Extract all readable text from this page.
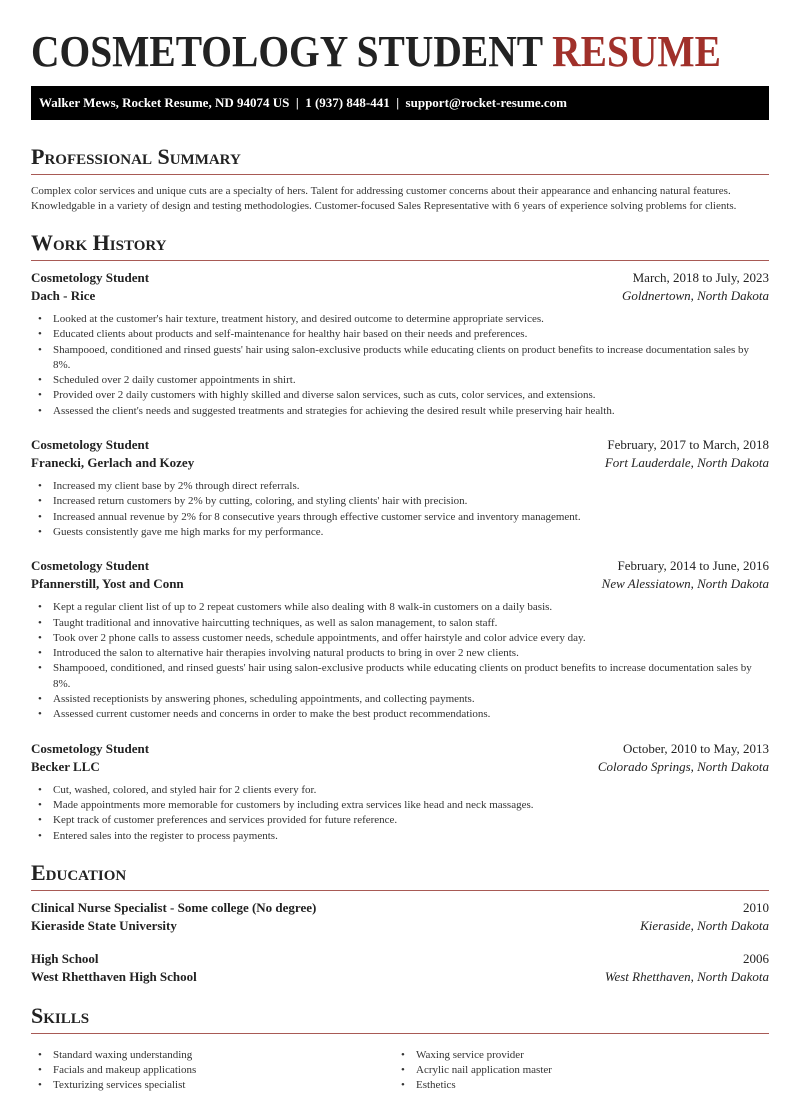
COSMETOLOGY STUDENT RESUME
Walker Mews, Rocket Resume, ND 94074 US  |  1 (937) 848-441  |  support@rocket-resume.com
Professional Summary

Complex color services and unique cuts are a specialty of hers. Talent for addressing customer concerns about their appearance and enhancing natural features. Knowledgable in a variety of design and testing methodologies. Customer-focused Sales Representative with 6 years of experience solving problems for clients.

Work History
Cosmetology Student	March, 2018 to July, 2023
Dach - Rice	Goldnertown, North Dakota
• Looked at the customer's hair texture, treatment history, and desired outcome to determine appropriate services.
• Educated clients about products and self-maintenance for healthy hair based on their needs and preferences.
• Shampooed, conditioned and rinsed guests' hair using salon-exclusive products while educating clients on product benefits to increase documentation sales by 8%.
• Scheduled over 2 daily customer appointments in shirt.
• Provided over 2 daily customers with highly skilled and diverse salon services, such as cuts, color services, and extensions.
• Assessed the client's needs and suggested treatments and strategies for achieving the desired result while preserving hair health.
Cosmetology Student	February, 2017 to March, 2018
Franecki, Gerlach and Kozey	Fort Lauderdale, North Dakota
• Increased my client base by 2% through direct referrals.
• Increased return customers by 2% by cutting, coloring, and styling clients' hair with precision.
• Increased annual revenue by 2% for 8 consecutive years through effective customer service and inventory management.
• Guests consistently gave me high marks for my performance.
Cosmetology Student	February, 2014 to June, 2016
Pfannerstill, Yost and Conn	New Alessiatown, North Dakota
• Kept a regular client list of up to 2 repeat customers while also dealing with 8 walk-in customers on a daily basis.
• Taught traditional and innovative haircutting techniques, as well as salon management, to salon staff.
• Took over 2 phone calls to assess customer needs, schedule appointments, and offer hairstyle and color advice every day.
• Introduced the salon to alternative hair therapies involving natural products to bring in over 2 new clients.
• Shampooed, conditioned, and rinsed guests' hair using salon-exclusive products while educating clients on product benefits to increase documentation sales by 8%.
• Assisted receptionists by answering phones, scheduling appointments, and collecting payments.
• Assessed current customer needs and concerns in order to make the best product recommendations.
Cosmetology Student	October, 2010 to May, 2013
Becker LLC	Colorado Springs, North Dakota
• Cut, washed, colored, and styled hair for 2 clients every for.
• Made appointments more memorable for customers by including extra services like head and neck massages.
• Kept track of customer preferences and services provided for future reference.
• Entered sales into the register to process payments.
Education
Clinical Nurse Specialist - Some college (No degree)	2010
Kieraside State University	Kieraside, North Dakota
High School	2006
West Rhetthaven High School	West Rhetthaven, North Dakota
Skills
• Standard waxing understanding
• Facials and makeup applications
• Texturizing services specialist
• Waxing service provider
• Acrylic nail application master
• Esthetics
